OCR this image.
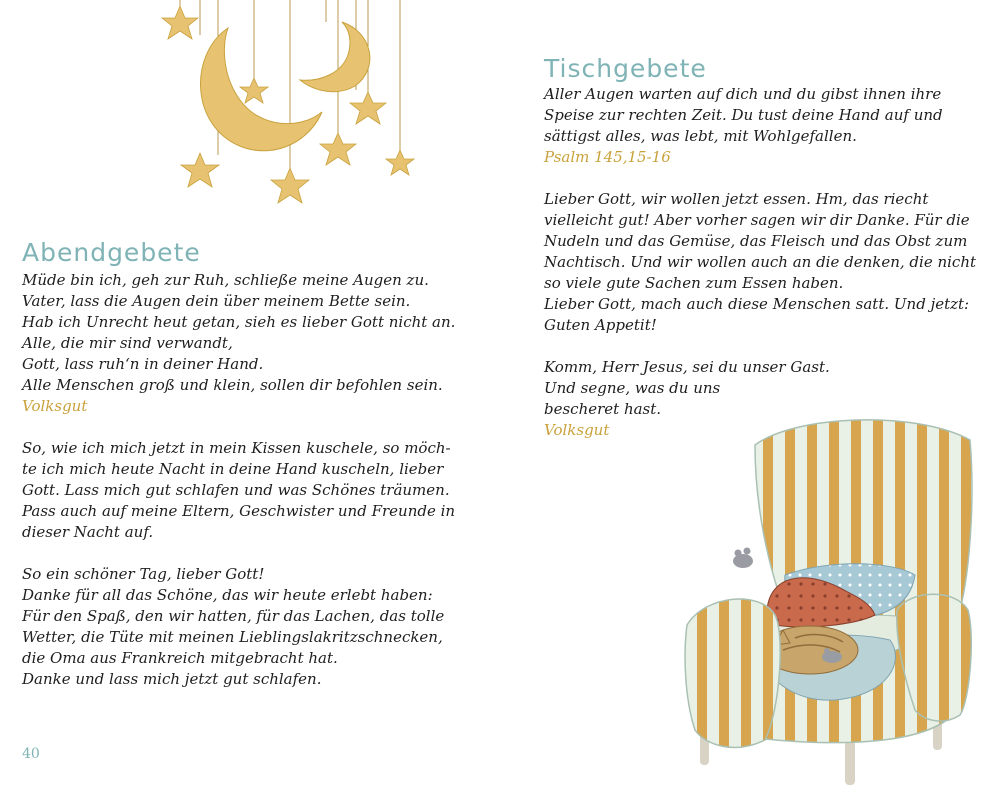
Abendgebete
Müde bin ich, geh zur Ruh, schließe meine Augen zu.
Vater, lass die Augen dein über meinem Bette sein.
Hab ich Unrecht heut getan, sieh es lieber Gott nicht an.
Alle, die mir sind verwandt,
Gott, lass ruh‘n in deiner Hand.
Alle Menschen groß und klein, sollen dir befohlen sein.
Volksgut
So, wie ich mich jetzt in mein Kissen kuschele, so möch-
te ich mich heute Nacht in deine Hand kuscheln, lieber
Gott. Lass mich gut schlafen und was Schönes träumen.
Pass auch auf meine Eltern, Geschwister und Freunde in
dieser Nacht auf.
So ein schöner Tag, lieber Gott!
Danke für all das Schöne, das wir heute erlebt haben:
Für den Spaß, den wir hatten, für das Lachen, das tolle
Wetter, die Tüte mit meinen Lieblingslakritzschnecken,
die Oma aus Frankreich mitgebracht hat.
Danke und lass mich jetzt gut schlafen.
40
Tischgebete
Aller Augen warten auf dich und du gibst ihnen ihre
Speise zur rechten Zeit. Du tust deine Hand auf und
sättigst alles, was lebt, mit Wohlgefallen.
Psalm 145,15-16
Lieber Gott, wir wollen jetzt essen. Hm, das riecht
vielleicht gut! Aber vorher sagen wir dir Danke. Für die
Nudeln und das Gemüse, das Fleisch und das Obst zum
Nachtisch. Und wir wollen auch an die denken, die nicht
so viele gute Sachen zum Essen haben.
Lieber Gott, mach auch diese Menschen satt. Und jetzt:
Guten Appetit!
Komm, Herr Jesus, sei du unser Gast.
Und segne, was du uns
bescheret hast.
Volksgut
